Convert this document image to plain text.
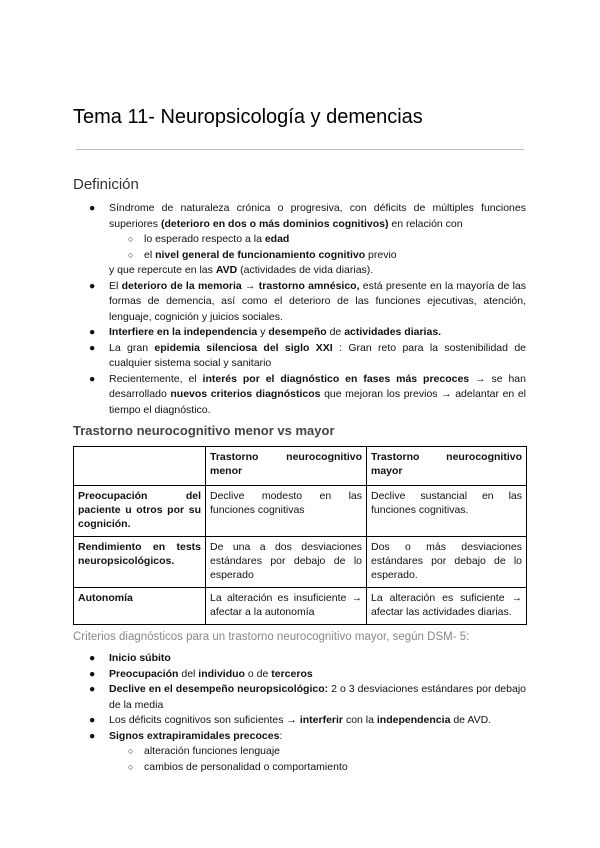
Tema 11- Neuropsicología y demencias
Definición
● Síndrome de naturaleza crónica o progresiva, con déficits de múltiples funciones superiores (deterioro en dos o más dominios cognitivos) en relación con
○ lo esperado respecto a la edad
○ el nivel general de funcionamiento cognitivo previo
y que repercute en las AVD (actividades de vida diarias).
● El deterioro de la memoria → trastorno amnésico, está presente en la mayoría de las formas de demencia, así como el deterioro de las funciones ejecutivas, atención, lenguaje, cognición y juicios sociales.
● Interfiere en la independencia y desempeño de actividades diarias.
● La gran epidemia silenciosa del siglo XXI : Gran reto para la sostenibilidad de cualquier sistema social y sanitario
● Recientemente, el interés por el diagnóstico en fases más precoces → se han desarrollado nuevos criterios diagnósticos que mejoran los previos → adelantar en el tiempo el diagnóstico.
Trastorno neurocognitivo menor vs mayor
	Trastorno neurocognitivo menor	Trastorno neurocognitivo mayor
Preocupación del paciente u otros por su cognición.	Declive modesto en las funciones cognitivas	Declive sustancial en las funciones cognitivas.
Rendimiento en tests neuropsicológicos.	De una a dos desviaciones estándares por debajo de lo esperado	Dos o más desviaciones estándares por debajo de lo esperado.
Autonomía	La alteración es insuficiente → afectar a la autonomía	La alteración es suficiente → afectar las actividades diarias.
Criterios diagnósticos para un trastorno neurocognitivo mayor, según DSM- 5:
● Inicio súbito
● Preocupación del individuo o de terceros
● Declive en el desempeño neuropsicológico: 2 o 3 desviaciones estándares por debajo de la media
● Los déficits cognitivos son suficientes → interferir con la independencia de AVD.
● Signos extrapiramidales precoces:
○ alteración funciones lenguaje
○ cambios de personalidad o comportamiento
